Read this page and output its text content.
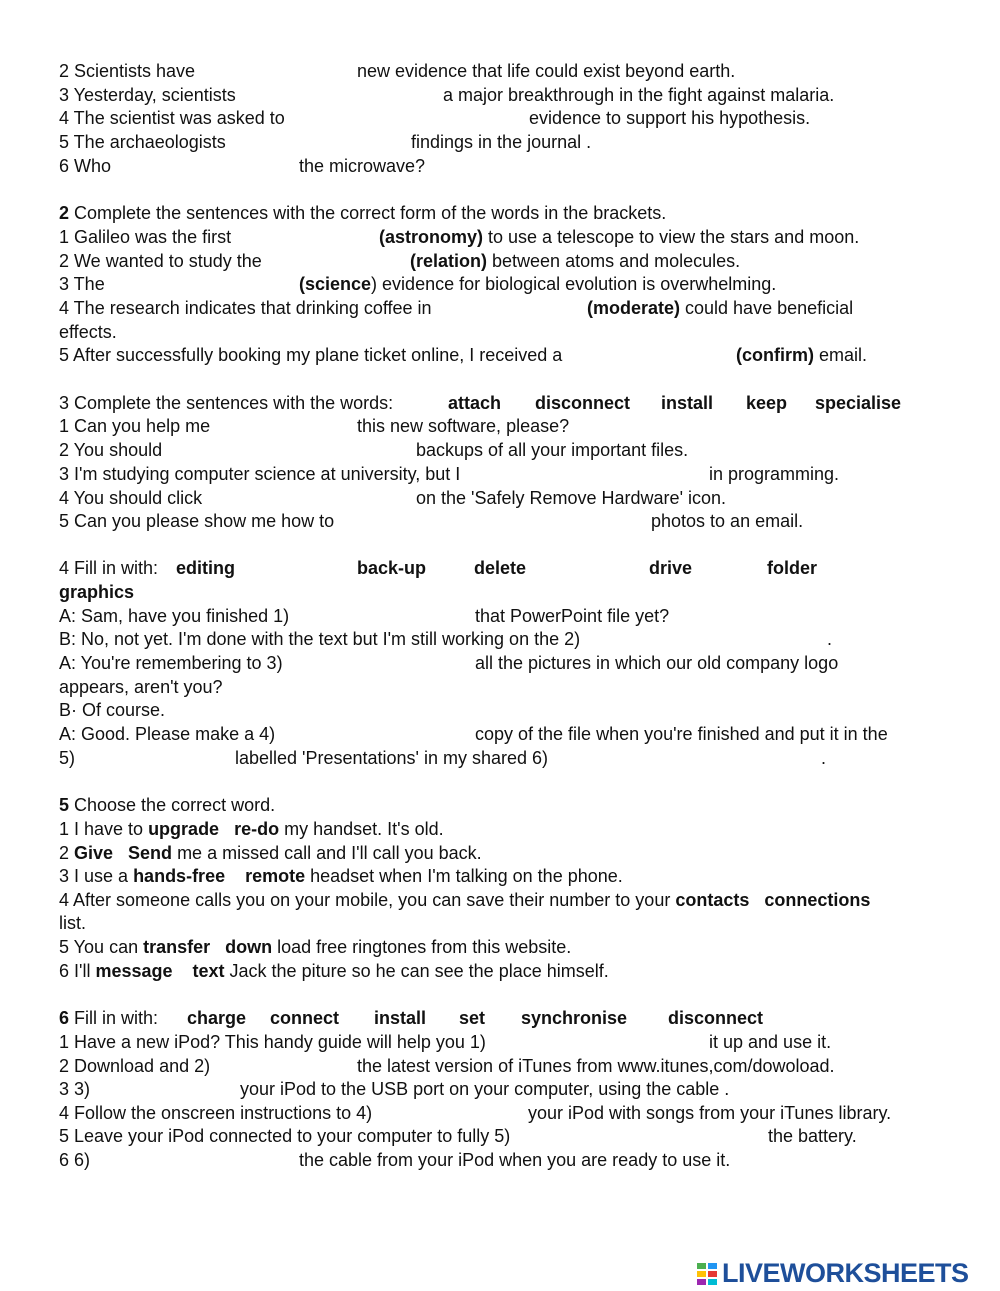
2 Scientists have	new evidence that life could exist beyond earth.
3 Yesterday, scientists	a major breakthrough in the fight against malaria.
4 The scientist was asked to	evidence to support his hypothesis.
5 The archaeologists	findings in the journal .
6 Who	the microwave?
2 Complete the sentences with the correct form of the words in the brackets.
1 Galileo was the first	(astronomy) to use a telescope to view the stars and moon.
2 We wanted to study the	(relation) between atoms and molecules.
3 The	(science) evidence for biological evolution is overwhelming.
4 The research indicates that drinking coffee in	(moderate) could have beneficial
effects.
5 After successfully booking my plane ticket online, I received a	(confirm) email.
3 Complete the sentences with the words:	attach disconnect install keep specialise
1 Can you help me	this new software, please?
2 You should	backups of all your important files.
3 I'm studying computer science at university, but I	in programming.
4 You should click	on the 'Safely Remove Hardware' icon.
5 Can you please show me how to	photos to an email.
4 Fill in with: editing	back-up	delete	drive	folder
graphics
A: Sam, have you finished 1)	that PowerPoint file yet?
B: No, not yet. I'm done with the text but I'm still working on the 2)	.
A: You're remembering to 3)	all the pictures in which our old company logo
appears, aren't you?
B· Of course.
A: Good. Please make a 4)	copy of the file when you're finished and put it in the
5)	labelled 'Presentations' in my shared 6)	.
5 Choose the correct word.
1 I have to upgrade   re-do my handset. It's old.
2 Give   Send me a missed call and I'll call you back.
3 I use a hands-free    remote headset when I'm talking on the phone.
4 After someone calls you on your mobile, you can save their number to your contacts   connections
list.
5 You can transfer   down load free ringtones from this website.
6 I'll message    text Jack the piture so he can see the place himself.
6 Fill in with: charge connect install set synchronise disconnect
1 Have a new iPod? This handy guide will help you 1)	it up and use it.
2 Download and 2)	the latest version of iTunes from www.itunes,com/dowoload.
3 3)	your iPod to the USB port on your computer, using the cable .
4 Follow the onscreen instructions to 4)	your iPod with songs from your iTunes library.
5 Leave your iPod connected to your computer to fully 5)	the battery.
6 6)	the cable from your iPod when you are ready to use it.
LIVEWORKSHEETS
